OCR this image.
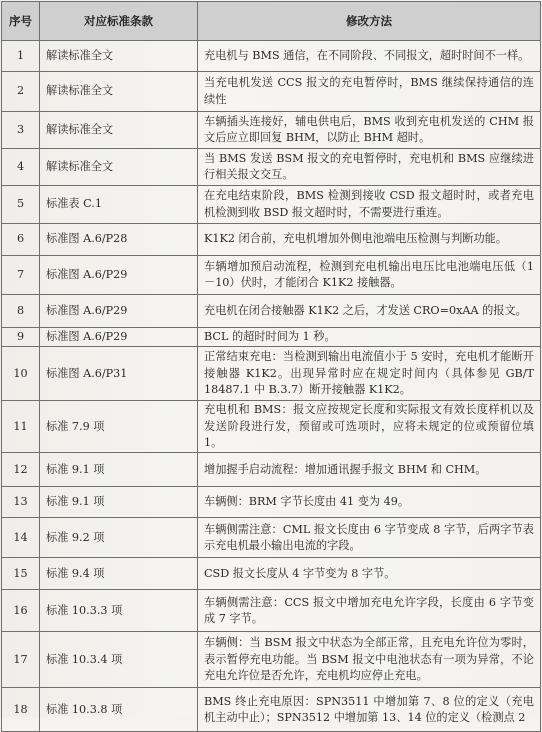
序号	对应标准条款	修改方法
1	解读标准全文	充电机与 BMS 通信，在不同阶段、不同报文，超时时间不一样。
2	解读标准全文	当充电机发送 CCS 报文的充电暂停时，BMS 继续保持通信的连续性
3	解读标准全文	车辆插头连接好，辅电供电后，BMS 收到充电机发送的 CHM 报文后应立即回复 BHM，以防止 BHM 超时。
4	解读标准全文	当 BMS 发送 BSM 报文的充电暂停时，充电机和 BMS 应继续进行相关报文交互。
5	标准表 C.1	在充电结束阶段，BMS 检测到接收 CSD 报文超时时，或者充电机检测到收 BSD 报文超时时，不需要进行重连。
6	标准图 A.6/P28	K1K2 闭合前，充电机增加外侧电池端电压检测与判断功能。
7	标准图 A.6/P29	车辆增加预启动流程，检测到充电机输出电压比电池端电压低（1－10）伏时，才能闭合 K1K2 接触器。
8	标准图 A.6/P29	充电机在闭合接触器 K1K2 之后，才发送 CRO=0xAA 的报文。
9	标准图 A.6/P29	BCL 的超时时间为 1 秒。
10	标准图 A.6/P31	正常结束充电：当检测到输出电流值小于 5 安时，充电机才能断开接触器 K1K2。出现异常时应在规定时间内（具体参见 GB/T 18487.1 中 B.3.7）断开接触器 K1K2。
11	标准 7.9 项	充电机和 BMS：报文应按规定长度和实际报文有效长度样机以及发送阶段进行发，预留或可选项时，应将未规定的位或预留位填 1。
12	标准 9.1 项	增加握手启动流程：增加通讯握手报文 BHM 和 CHM。
13	标准 9.1 项	车辆侧：BRM 字节长度由 41 变为 49。
14	标准 9.2 项	车辆侧需注意：CML 报文长度由 6 字节变成 8 字节，后两字节表示充电机最小输出电流的字段。
15	标准 9.4 项	CSD 报文长度从 4 字节变为 8 字节。
16	标准 10.3.3 项	车辆侧需注意：CCS 报文中增加充电允许字段，长度由 6 字节变成 7 字节。
17	标准 10.3.4 项	车辆侧：当 BSM 报文中状态为全部正常，且充电允许位为零时，表示暂停充电功能。当 BSM 报文中电池状态有一项为异常，不论充电允许位是否允许，充电机均应停止充电。
18	标准 10.3.8 项	BMS 终止充电原因：SPN3511 中增加第 7、8 位的定义（充电机主动中止）；SPN3512 中增加第 13、14 位的定义（检测点 2
